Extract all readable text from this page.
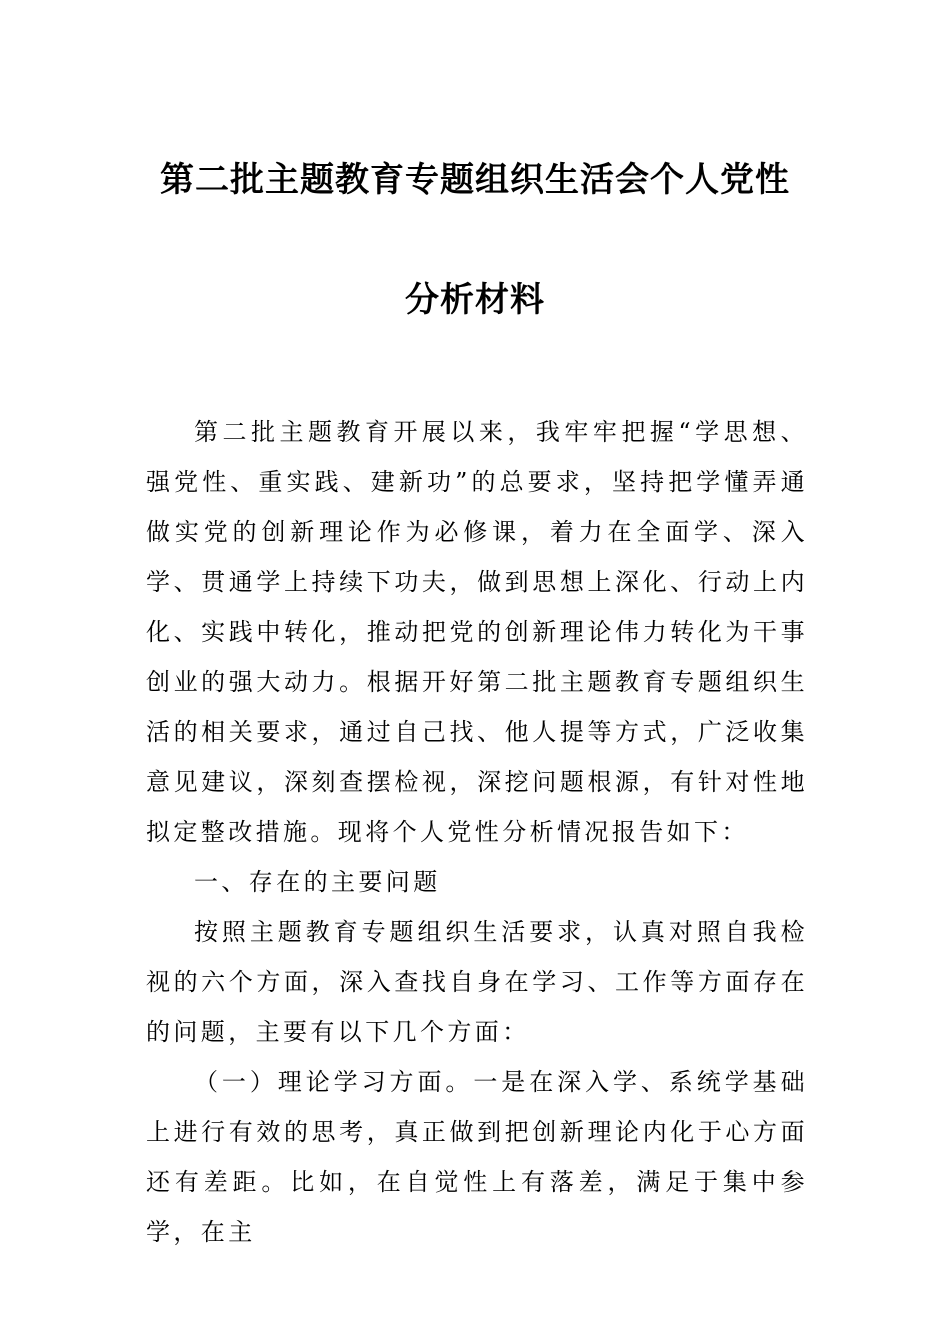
第二批主题教育专题组织生活会个人党性
分析材料

第二批主题教育开展以来，我牢牢把握“学思想、强党性、重实践、建新功”的总要求，坚持把学懂弄通做实党的创新理论作为必修课，着力在全面学、深入学、贯通学上持续下功夫，做到思想上深化、行动上内化、实践中转化，推动把党的创新理论伟力转化为干事创业的强大动力。根据开好第二批主题教育专题组织生活的相关要求，通过自己找、他人提等方式，广泛收集意见建议，深刻查摆检视，深挖问题根源，有针对性地拟定整改措施。现将个人党性分析情况报告如下：

一、存在的主要问题

按照主题教育专题组织生活要求，认真对照自我检视的六个方面，深入查找自身在学习、工作等方面存在的问题，主要有以下几个方面：

（一）理论学习方面。一是在深入学、系统学基础上进行有效的思考，真正做到把创新理论内化于心方面还有差距。比如，在自觉性上有落差，满足于集中参学，在主
